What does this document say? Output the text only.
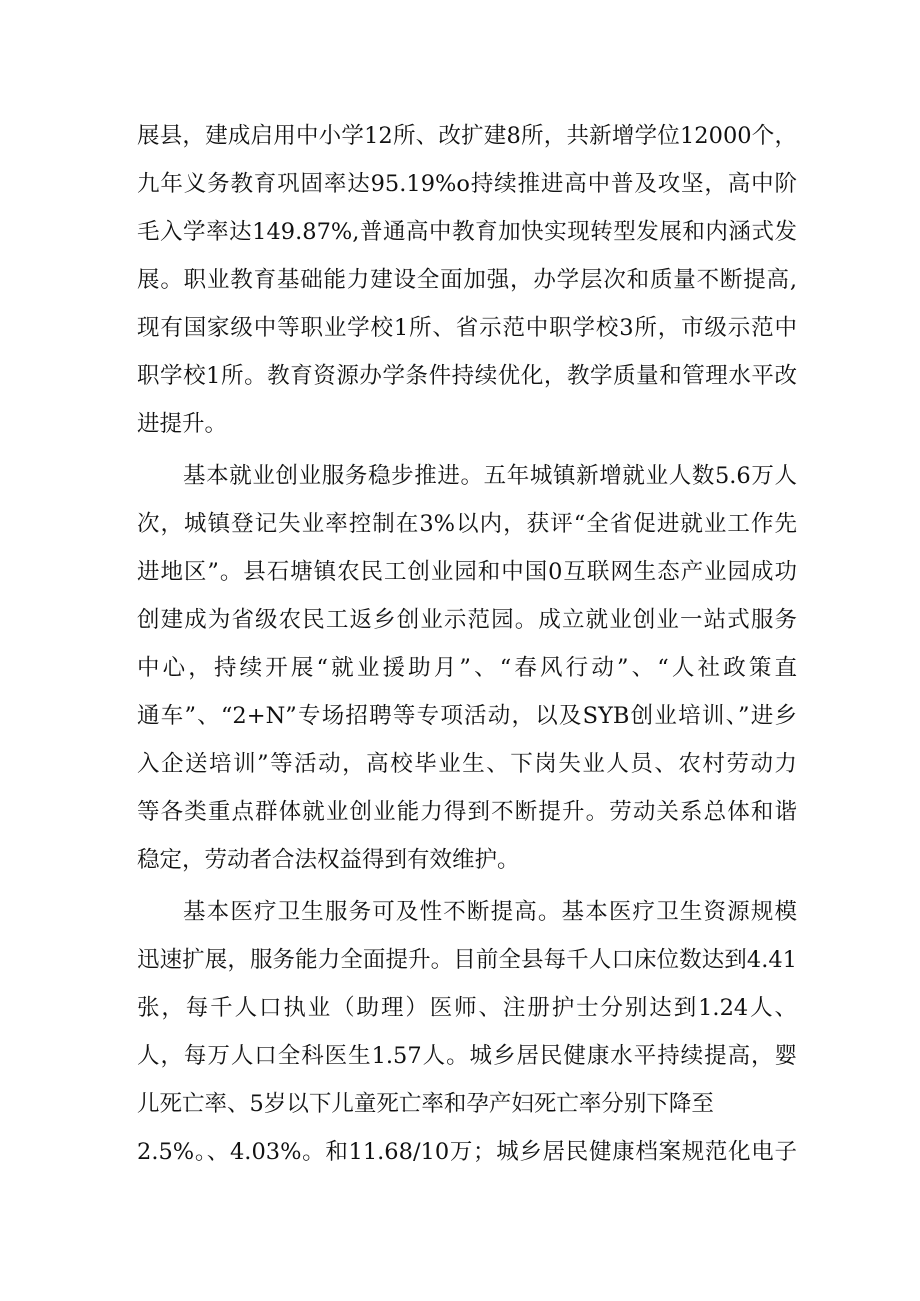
展县，建成启用中小学12所、改扩建8所，共新增学位12000个，
九年义务教育巩固率达95.19%o持续推进高中普及攻坚，高中阶
毛入学率达149.87%,普通高中教育加快实现转型发展和内涵式发
展。职业教育基础能力建设全面加强，办学层次和质量不断提高,
现有国家级中等职业学校1所、省示范中职学校3所，市级示范中
职学校1所。教育资源办学条件持续优化，教学质量和管理水平改
进提升。
基本就业创业服务稳步推进。五年城镇新增就业人数5.6万人
次，城镇登记失业率控制在3%以内，获评“全省促进就业工作先
进地区”。县石塘镇农民工创业园和中国0互联网生态产业园成功
创建成为省级农民工返乡创业示范园。成立就业创业一站式服务
中心，持续开展“就业援助月”、“春风行动”、“人社政策直
通车”、“2+N”专场招聘等专项活动，以及SYB创业培训、”进乡
入企送培训”等活动，高校毕业生、下岗失业人员、农村劳动力
等各类重点群体就业创业能力得到不断提升。劳动关系总体和谐
稳定，劳动者合法权益得到有效维护。
基本医疗卫生服务可及性不断提高。基本医疗卫生资源规模
迅速扩展，服务能力全面提升。目前全县每千人口床位数达到4.41
张，每千人口执业（助理）医师、注册护士分别达到1.24人、
人，每万人口全科医生1.57人。城乡居民健康水平持续提高，婴
儿死亡率、5岁以下儿童死亡率和孕产妇死亡率分别下降至
2.5%。、4.03%。和11.68/10万；城乡居民健康档案规范化电子
